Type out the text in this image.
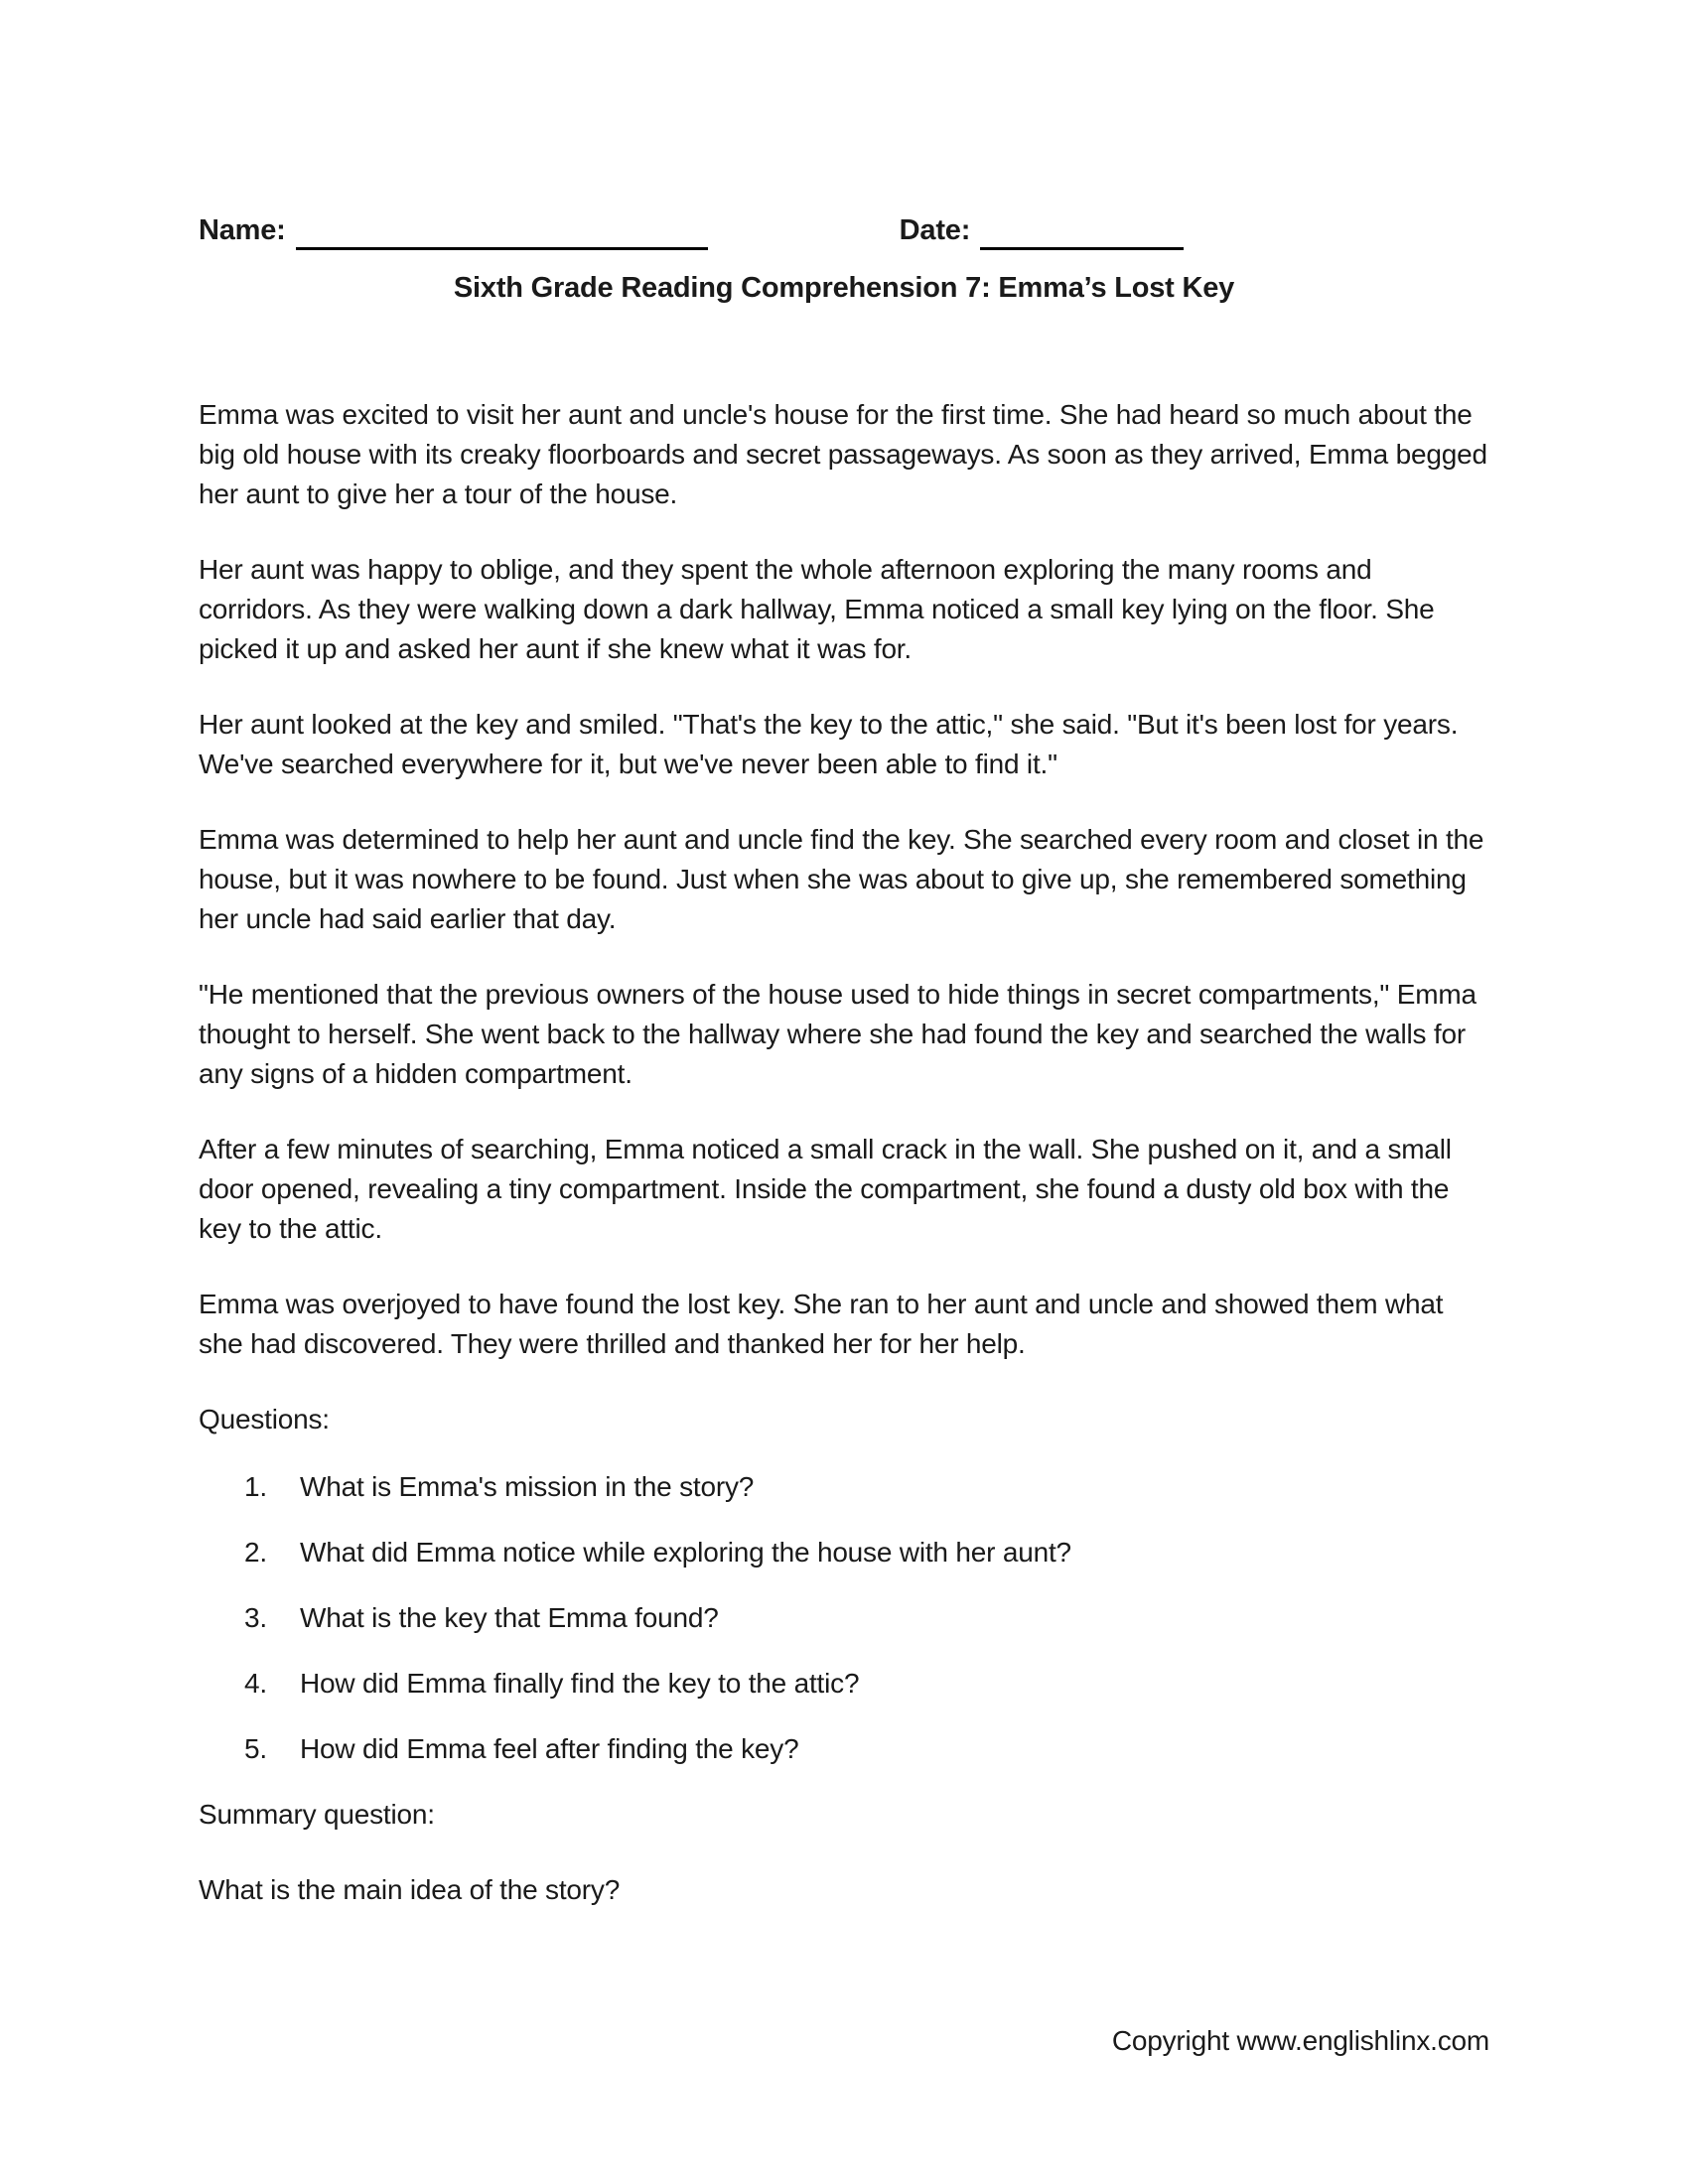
Name:	Date:
Sixth Grade Reading Comprehension 7: Emma’s Lost Key

Emma was excited to visit her aunt and uncle's house for the first time. She had heard so much about the big old house with its creaky floorboards and secret passageways. As soon as they arrived, Emma begged her aunt to give her a tour of the house.

Her aunt was happy to oblige, and they spent the whole afternoon exploring the many rooms and corridors. As they were walking down a dark hallway, Emma noticed a small key lying on the floor. She picked it up and asked her aunt if she knew what it was for.

Her aunt looked at the key and smiled. "That's the key to the attic," she said. "But it's been lost for years. We've searched everywhere for it, but we've never been able to find it."

Emma was determined to help her aunt and uncle find the key. She searched every room and closet in the house, but it was nowhere to be found. Just when she was about to give up, she remembered something her uncle had said earlier that day.

"He mentioned that the previous owners of the house used to hide things in secret compartments," Emma thought to herself. She went back to the hallway where she had found the key and searched the walls for any signs of a hidden compartment.

After a few minutes of searching, Emma noticed a small crack in the wall. She pushed on it, and a small door opened, revealing a tiny compartment. Inside the compartment, she found a dusty old box with the key to the attic.

Emma was overjoyed to have found the lost key. She ran to her aunt and uncle and showed them what she had discovered. They were thrilled and thanked her for her help.

Questions:
1.	What is Emma's mission in the story?
2.	What did Emma notice while exploring the house with her aunt?
3.	What is the key that Emma found?
4.	How did Emma finally find the key to the attic?
5.	How did Emma feel after finding the key?
Summary question:
What is the main idea of the story?
Copyright www.englishlinx.com
